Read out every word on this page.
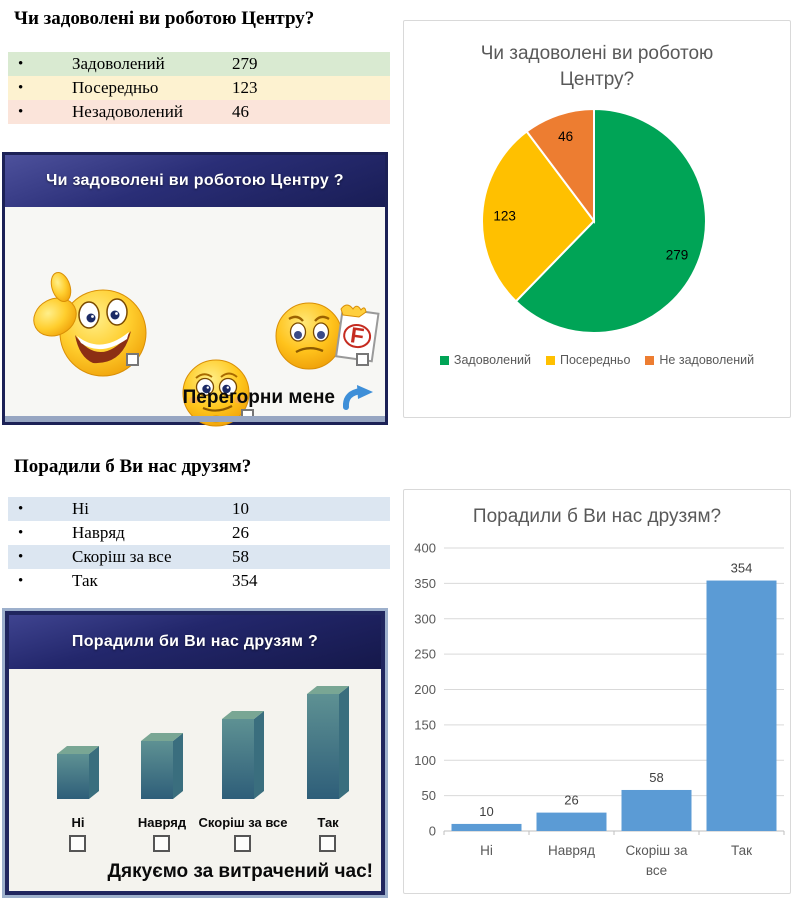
Чи задоволені ви роботою Центру?
•	Задоволений	279
•	Посередньо	123
•	Незадоволений	46
Чи задоволені ви роботою Центру ?
F
Перегорни мене
Порадили б Ви нас друзям?
•	Ні	10
•	Навряд	26
•	Скоріш за все	58
•	Так	354
Порадили би Ви нас друзям ?
Ні	Навряд Скоріш за все Так
Дякуємо за витрачений час!
Чи задоволені ви роботою Центру?
279
123
46
Задоволений Посередньо Не задоволений
Порадили б Ви нас друзям?
0
50
100
150
200
250
300
350
400
10
Ні
26
Навряд
58
Скоріш за все
354
Так
